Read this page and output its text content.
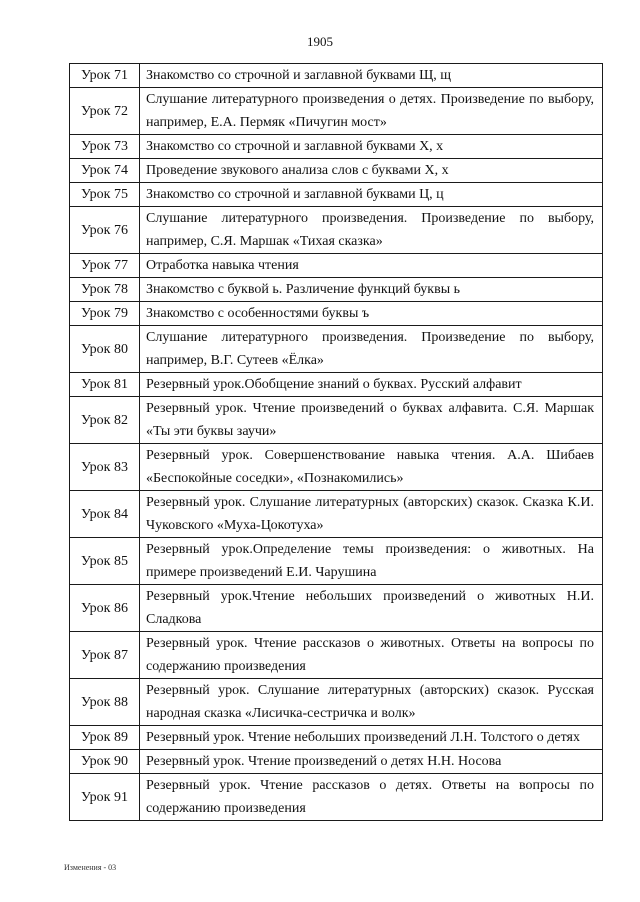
1905
Урок 71	Знакомство со строчной и заглавной буквами Щ, щ
Урок 72	Слушание литературного произведения о детях. Произведение по выбору, например, Е.А. Пермяк «Пичугин мост»
Урок 73	Знакомство со строчной и заглавной буквами Х, х
Урок 74	Проведение звукового анализа слов с буквами Х, х
Урок 75	Знакомство со строчной и заглавной буквами Ц, ц
Урок 76	Слушание литературного произведения. Произведение по выбору, например, С.Я. Маршак «Тихая сказка»
Урок 77	Отработка навыка чтения
Урок 78	Знакомство с буквой ь. Различение функций буквы ь
Урок 79	Знакомство с особенностями буквы ъ
Урок 80	Слушание литературного произведения. Произведение по выбору, например, В.Г. Сутеев «Ёлка»
Урок 81	Резервный урок.Обобщение знаний о буквах. Русский алфавит
Урок 82	Резервный урок. Чтение произведений о буквах алфавита. С.Я. Маршак «Ты эти буквы заучи»
Урок 83	Резервный урок. Совершенствование навыка чтения. А.А. Шибаев «Беспокойные соседки», «Познакомились»
Урок 84	Резервный урок. Слушание литературных (авторских) сказок. Сказка К.И. Чуковского «Муха-Цокотуха»
Урок 85	Резервный урок.Определение темы произведения: о животных. На примере произведений Е.И. Чарушина
Урок 86	Резервный урок.Чтение небольших произведений о животных Н.И. Сладкова
Урок 87	Резервный урок. Чтение рассказов о животных. Ответы на вопросы по содержанию произведения
Урок 88	Резервный урок. Слушание литературных (авторских) сказок. Русская народная сказка «Лисичка-сестричка и волк»
Урок 89	Резервный урок. Чтение небольших произведений Л.Н. Толстого о детях
Урок 90	Резервный урок. Чтение произведений о детях Н.Н. Носова
Урок 91	Резервный урок. Чтение рассказов о детях. Ответы на вопросы по содержанию произведения
Изменения - 03
